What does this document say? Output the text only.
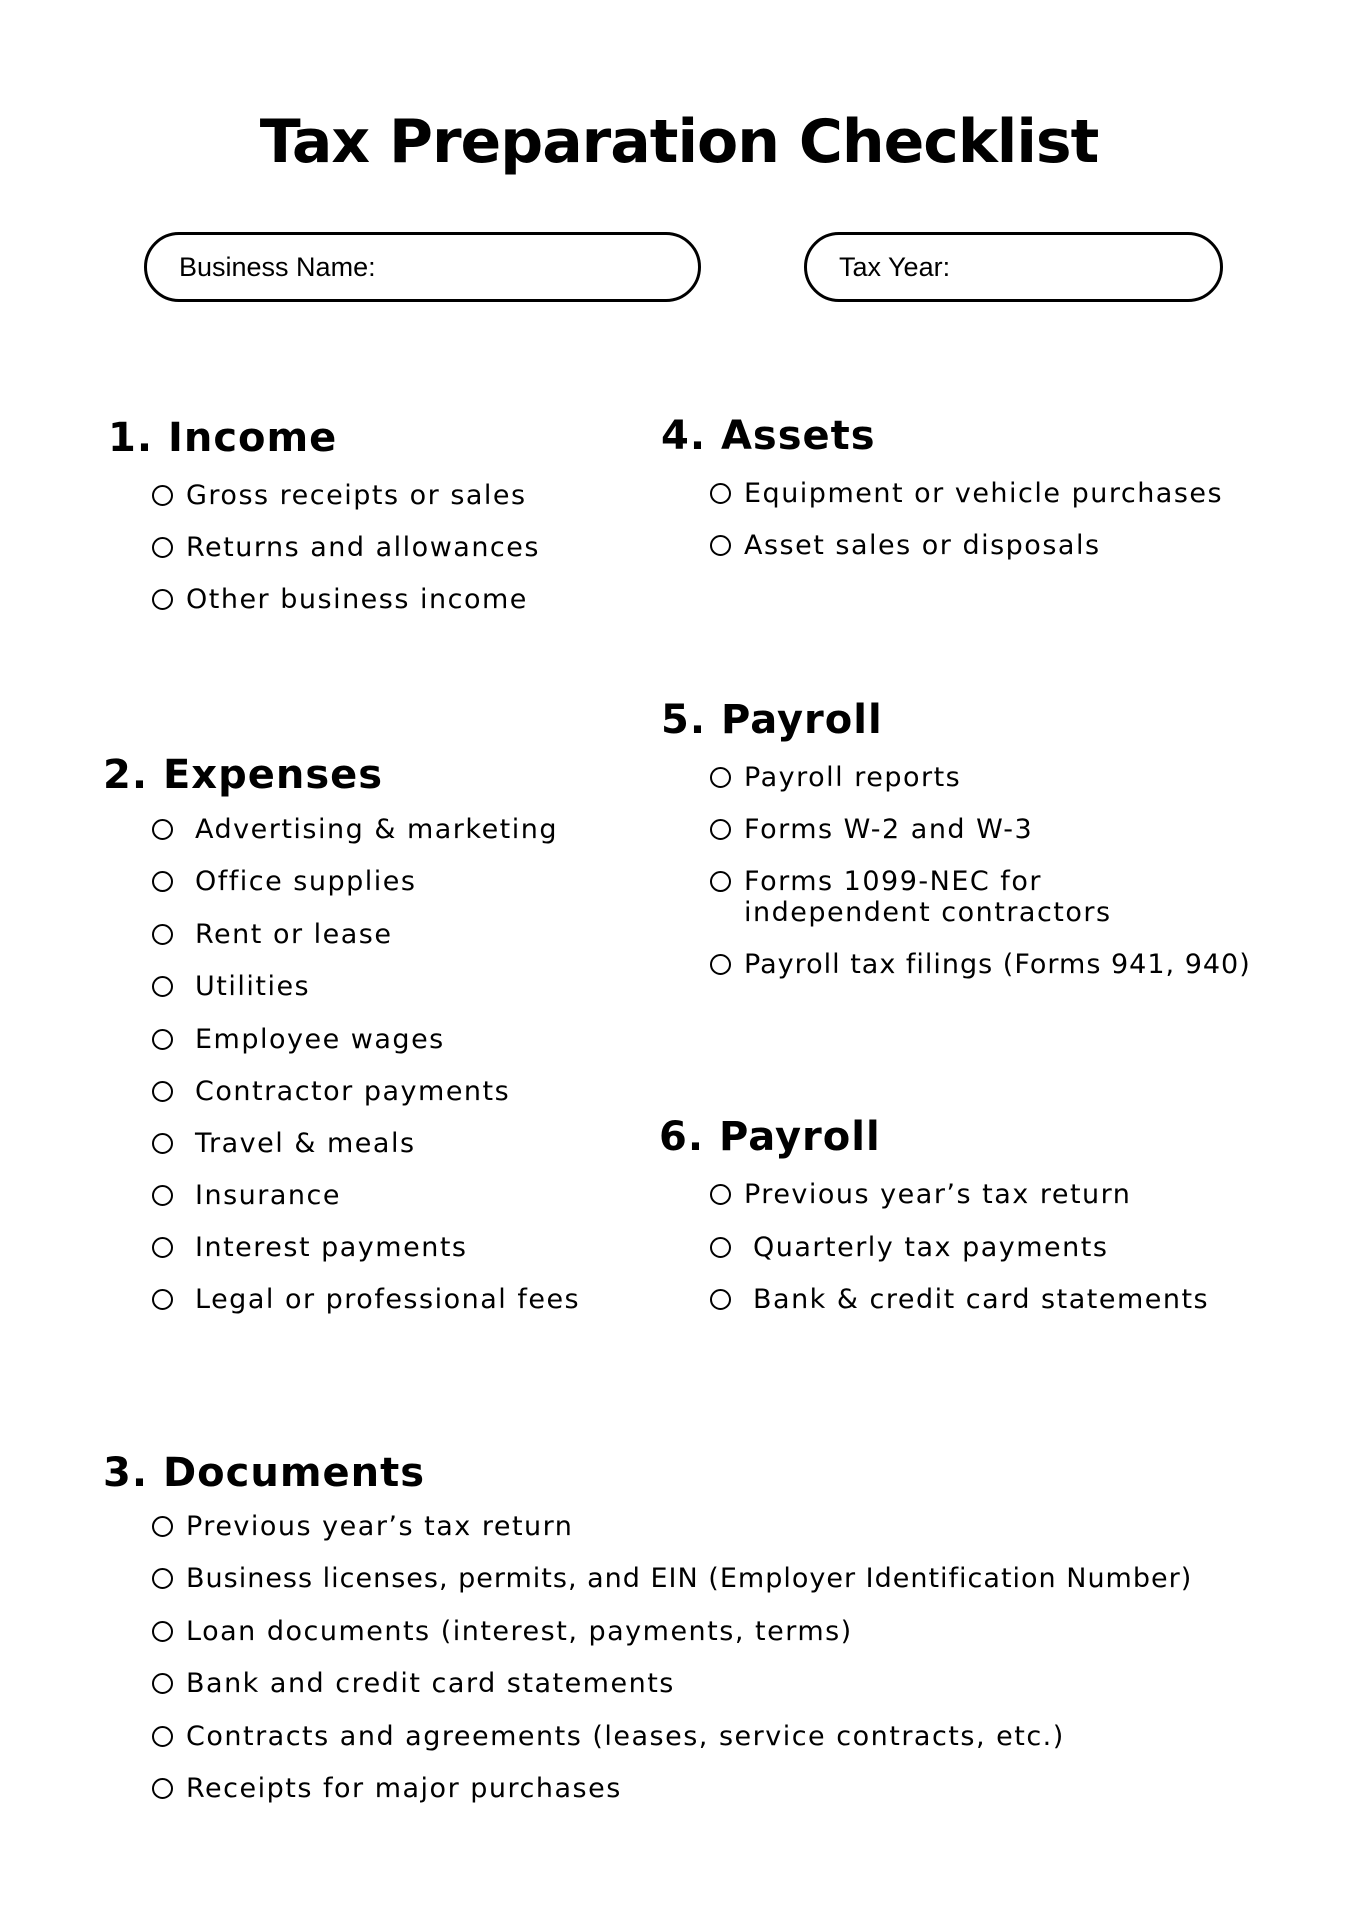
Tax Preparation Checklist
Business Name:	Tax Year:
1. Income
Gross receipts or sales
Returns and allowances
Other business income
2. Expenses
Advertising & marketing
Office supplies
Rent or lease
Utilities
Employee wages
Contractor payments
Travel & meals
Insurance
Interest payments
Legal or professional fees
3. Documents
Previous year’s tax return
Business licenses, permits, and EIN (Employer Identification Number)
Loan documents (interest, payments, terms)
Bank and credit card statements
Contracts and agreements (leases, service contracts, etc.)
Receipts for major purchases
4. Assets
Equipment or vehicle purchases
Asset sales or disposals
5. Payroll
Payroll reports
Forms W-2 and W-3
Forms 1099-NEC for
independent contractors
Payroll tax filings (Forms 941, 940)
6. Payroll
Previous year’s tax return
Quarterly tax payments
Bank & credit card statements
